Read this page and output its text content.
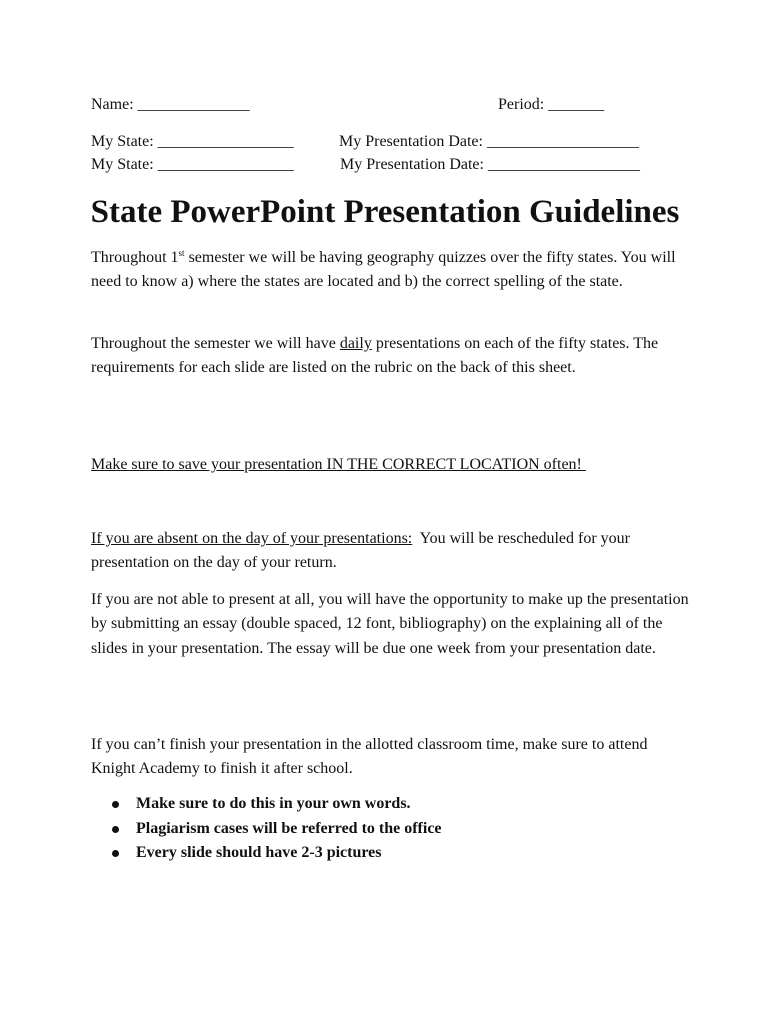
Name: ______________	Period: _______
My State: _________________	My Presentation Date: ___________________
My State: _________________	My Presentation Date: ___________________
State PowerPoint Presentation Guidelines

Throughout 1st semester we will be having geography quizzes over the fifty states. You will need to know a) where the states are located and b) the correct spelling of the state.

Throughout the semester we will have daily presentations on each of the fifty states. The requirements for each slide are listed on the rubric on the back of this sheet.

Make sure to save your presentation IN THE CORRECT LOCATION often!

If you are absent on the day of your presentations:  You will be rescheduled for your presentation on the day of your return.

If you are not able to present at all, you will have the opportunity to make up the presentation by submitting an essay (double spaced, 12 font, bibliography) on the explaining all of the slides in your presentation. The essay will be due one week from your presentation date.

If you can’t finish your presentation in the allotted classroom time, make sure to attend Knight Academy to finish it after school.

Make sure to do this in your own words.
Plagiarism cases will be referred to the office
Every slide should have 2-3 pictures
